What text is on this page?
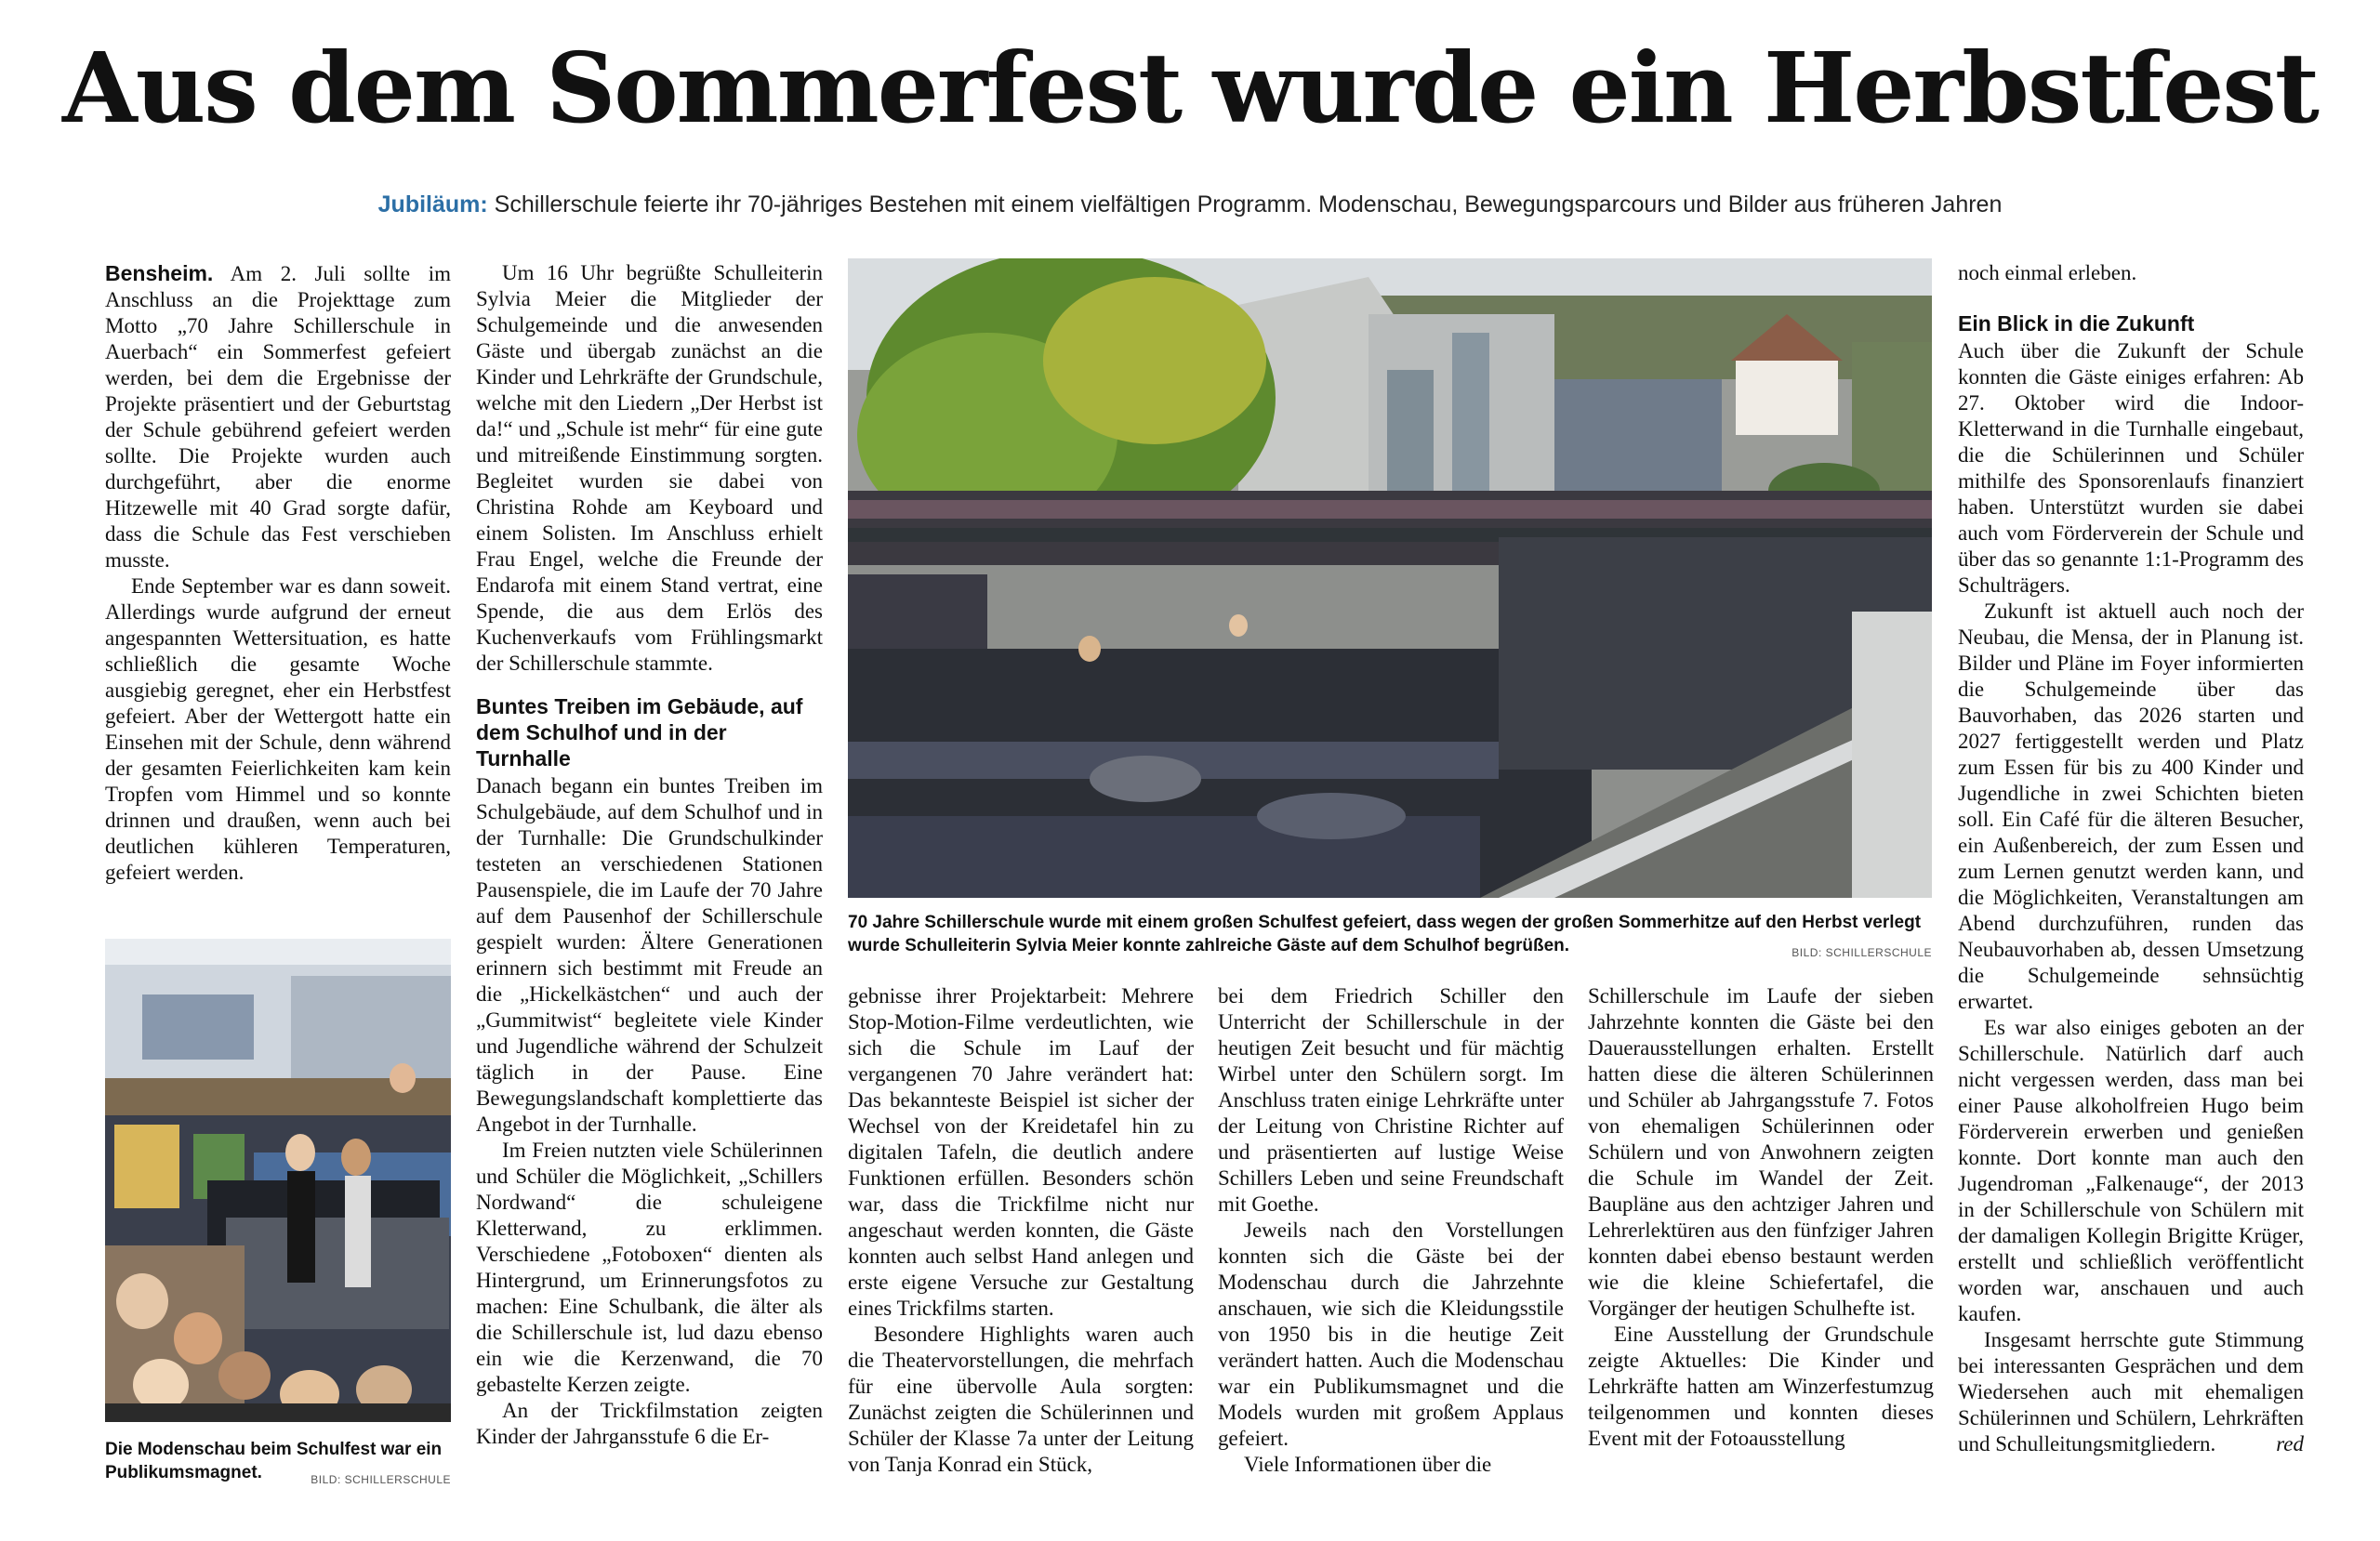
Aus dem Sommerfest wurde ein Herbstfest
Jubiläum: Schillerschule feierte ihr 70-jähriges Bestehen mit einem vielfältigen Programm. Modenschau, Bewegungsparcours und Bilder aus früheren Jahren

Bensheim. Am 2. Juli sollte im Anschluss an die Projekttage zum Motto „70 Jahre Schillerschule in Auerbach“ ein Sommerfest gefeiert werden, bei dem die Ergebnisse der Projekte präsentiert und der Geburtstag der Schule gebührend gefeiert werden sollte. Die Projekte wurden auch durchgeführt, aber die enorme Hitzewelle mit 40 Grad sorgte dafür, dass die Schule das Fest verschieben musste.

Ende September war es dann soweit. Allerdings wurde aufgrund der erneut angespannten Wettersituation, es hatte schließlich die gesamte Woche ausgiebig geregnet, eher ein Herbstfest gefeiert. Aber der Wettergott hatte ein Einsehen mit der Schule, denn während der gesamten Feierlichkeiten kam kein Tropfen vom Himmel und so konnte drinnen und draußen, wenn auch bei deutlichen kühleren Temperaturen, gefeiert werden.

Die Modenschau beim Schulfest war ein Publikumsmagnet.	BILD: SCHILLERSCHULE

Um 16 Uhr begrüßte Schulleiterin Sylvia Meier die Mitglieder der Schulgemeinde und die anwesenden Gäste und übergab zunächst an die Kinder und Lehrkräfte der Grundschule, welche mit den Liedern „Der Herbst ist da!“ und „Schule ist mehr“ für eine gute und mitreißende Einstimmung sorgten. Begleitet wurden sie dabei von Christina Rohde am Keyboard und einem Solisten. Im Anschluss erhielt Frau Engel, welche die Freunde der Endarofa mit einem Stand vertrat, eine Spende, die aus dem Erlös des Kuchenverkaufs vom Frühlingsmarkt der Schillerschule stammte.

Buntes Treiben im Gebäude, auf dem Schulhof und in der Turnhalle

Danach begann ein buntes Treiben im Schulgebäude, auf dem Schulhof und in der Turnhalle: Die Grundschulkinder testeten an verschiedenen Stationen Pausenspiele, die im Laufe der 70 Jahre auf dem Pausenhof der Schillerschule gespielt wurden: Ältere Generationen erinnern sich bestimmt mit Freude an die „Hickelkästchen“ und auch der „Gummitwist“ begleitete viele Kinder und Jugendliche während der Schulzeit täglich in der Pause. Eine Bewegungslandschaft komplettierte das Angebot in der Turnhalle.

Im Freien nutzten viele Schülerinnen und Schüler die Möglichkeit, „Schillers Nordwand“ die schuleigene Kletterwand, zu erklimmen. Verschiedene „Fotoboxen“ dienten als Hintergrund, um Erinnerungsfotos zu machen: Eine Schulbank, die älter als die Schillerschule ist, lud dazu ebenso ein wie die Kerzenwand, die 70 gebastelte Kerzen zeigte.

An der Trickfilmstation zeigten Kinder der Jahrgansstufe 6 die Er-

70 Jahre Schillerschule wurde mit einem großen Schulfest gefeiert, dass wegen der großen Sommerhitze auf den Herbst verlegt wurde Schulleiterin Sylvia Meier konnte zahlreiche Gäste auf dem Schulhof begrüßen.	BILD: SCHILLERSCHULE

gebnisse ihrer Projektarbeit: Mehrere Stop-Motion-Filme verdeutlichten, wie sich die Schule im Lauf der vergangenen 70 Jahre verändert hat: Das bekannteste Beispiel ist sicher der Wechsel von der Kreidetafel hin zu digitalen Tafeln, die deutlich andere Funktionen erfüllen. Besonders schön war, dass die Trickfilme nicht nur angeschaut werden konnten, die Gäste konnten auch selbst Hand anlegen und erste eigene Versuche zur Gestaltung eines Trickfilms starten.

Besondere Highlights waren auch die Theatervorstellungen, die mehrfach für eine übervolle Aula sorgten: Zunächst zeigten die Schülerinnen und Schüler der Klasse 7a unter der Leitung von Tanja Konrad ein Stück,

bei dem Friedrich Schiller den Unterricht der Schillerschule in der heutigen Zeit besucht und für mächtig Wirbel unter den Schülern sorgt. Im Anschluss traten einige Lehrkräfte unter der Leitung von Christine Richter auf und präsentierten auf lustige Weise Schillers Leben und seine Freundschaft mit Goethe.

Jeweils nach den Vorstellungen konnten sich die Gäste bei der Modenschau durch die Jahrzehnte anschauen, wie sich die Kleidungsstile von 1950 bis in die heutige Zeit verändert hatten. Auch die Modenschau war ein Publikumsmagnet und die Models wurden mit großem Applaus gefeiert.

Viele Informationen über die

Schillerschule im Laufe der sieben Jahrzehnte konnten die Gäste bei den Dauerausstellungen erhalten. Erstellt hatten diese die älteren Schülerinnen und Schüler ab Jahrgangsstufe 7. Fotos von ehemaligen Schülerinnen oder Schülern und von Anwohnern zeigten die Schule im Wandel der Zeit. Baupläne aus den achtziger Jahren und Lehrerlektüren aus den fünfziger Jahren konnten dabei ebenso bestaunt werden wie die kleine Schiefertafel, die Vorgänger der heutigen Schulhefte ist.

Eine Ausstellung der Grundschule zeigte Aktuelles: Die Kinder und Lehrkräfte hatten am Winzerfestumzug teilgenommen und konnten dieses Event mit der Fotoausstellung

noch einmal erleben.

Ein Blick in die Zukunft

Auch über die Zukunft der Schule konnten die Gäste einiges erfahren: Ab 27. Oktober wird die Indoor-Kletterwand in die Turnhalle eingebaut, die die Schülerinnen und Schüler mithilfe des Sponsorenlaufs finanziert haben. Unterstützt wurden sie dabei auch vom Förderverein der Schule und über das so genannte 1:1-Programm des Schulträgers.

Zukunft ist aktuell auch noch der Neubau, die Mensa, der in Planung ist. Bilder und Pläne im Foyer informierten die Schulgemeinde über das Bauvorhaben, das 2026 starten und 2027 fertiggestellt werden und Platz zum Essen für bis zu 400 Kinder und Jugendliche in zwei Schichten bieten soll. Ein Café für die älteren Besucher, ein Außenbereich, der zum Essen und zum Lernen genutzt werden kann, und die Möglichkeiten, Veranstaltungen am Abend durchzuführen, runden das Neubauvorhaben ab, dessen Umsetzung die Schulgemeinde sehnsüchtig erwartet.

Es war also einiges geboten an der Schillerschule. Natürlich darf auch nicht vergessen werden, dass man bei einer Pause alkoholfreien Hugo beim Förderverein erwerben und genießen konnte. Dort konnte man auch den Jugendroman „Falkenauge“, der 2013 in der Schillerschule von Schülern mit der damaligen Kollegin Brigitte Krüger, erstellt und schließlich veröffentlicht worden war, anschauen und auch kaufen.

Insgesamt herrschte gute Stimmung bei interessanten Gesprächen und dem Wiedersehen auch mit ehemaligen Schülerinnen und Schülern, Lehrkräften und Schulleitungsmitgliedern.	red
